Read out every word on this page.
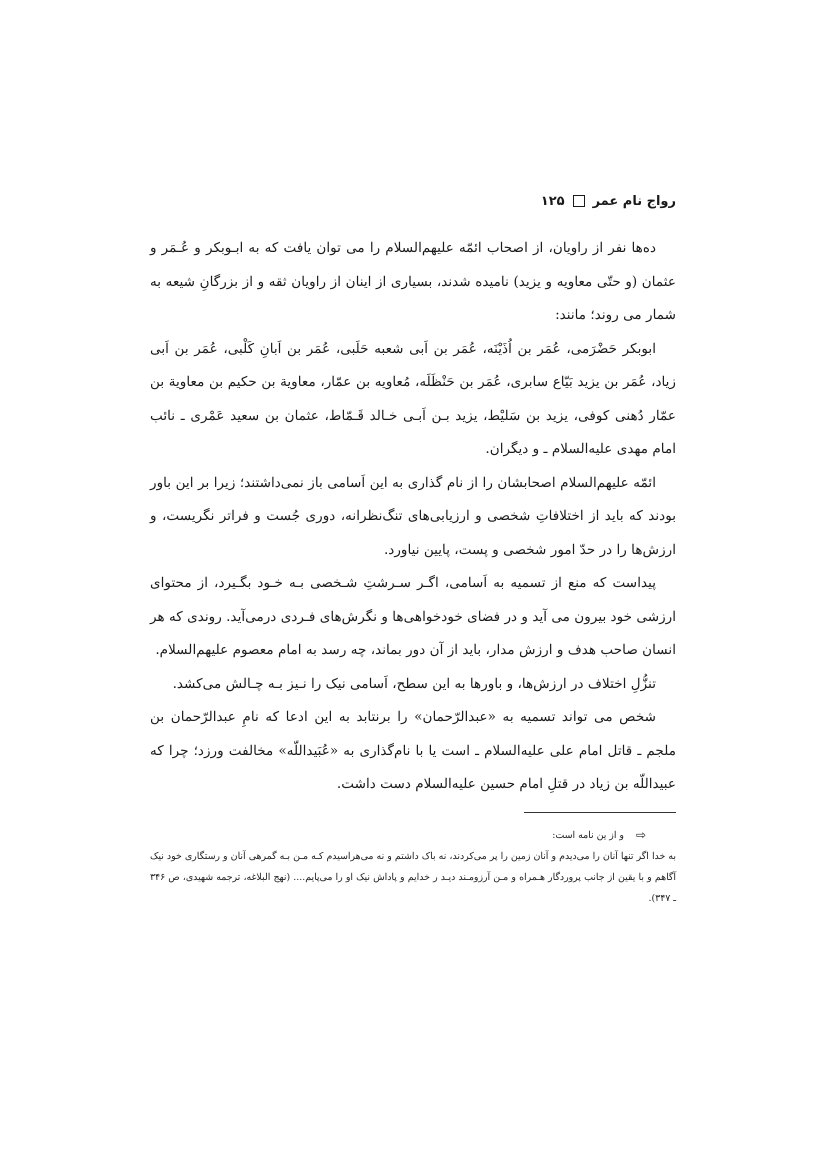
رواج نام عمر
۱۲۵

ده‌ها نفر از راویان، از اصحاب ائمّه علیهم‌السلام را می توان یافت که به ابـوبکر و عُـمَر و عثمان (و حتّی معاویه و یزید) نامیده شدند، بسیاری از اینان از راویان ثقه و از بزرگانِ شیعه به شمار می روند؛ مانند:

ابوبکر حَضْرَمی، عُمَر بن اُذَیْنَه، عُمَر بن اَبی شعبه حَلَبی، عُمَر بن اَبانِ کَلْبی، عُمَر بن اَبی زیاد، عُمَر بن یزید بَیّاع سابری، عُمَر بن حَنْظَلَه، مُعاویه بن عمّار، معاویة بن حکیم بن معاویة بن عمّار دُهنی کوفی، یزید بن سَلیْط، یزید بـن اَبـی خـالد قَـمّاط، عثمان بن سعید عَمْری ـ نائب امام مهدی علیه‌السلام ـ و دیگران.

ائمّه علیهم‌السلام اصحابشان را از نام گذاری به این اَسامی باز نمی‌داشتند؛ زیرا بر این باور بودند که باید از اختلافاتِ شخصی و ارزیابی‌های تنگ‌نظرانه، دوری جُست و فراتر نگریست، و ارزش‌ها را در حدّ امور شخصی و پست، پایین نیاورد.

پیداست که منع از تسمیه به اَسامی، اگـر سـرشتِ شـخصی بـه خـود بگـیرد، از محتوای ارزشی خود بیرون می آید و در فضای خودخواهی‌ها و نگرش‌های فـردی درمی‌آید. روندی که هر انسان صاحب هدف و ارزش مدار، باید از آن دور بماند، چه رسد به امام معصوم علیهم‌السلام.

تنزُّلِ اختلاف در ارزش‌ها، و باورها به این سطح، اَسامی نیک را نـیز بـه چـالش می‌کشد.

شخص می تواند تسمیه به «عبدالرّحمان» را برنتابد به این ادعا که نامِ عبدالرّحمان بن ملجم ـ قاتل امام علی علیه‌السلام ـ است یا با نام‌گذاری به «عُبَیداللّه» مخالفت ورزد؛ چرا که عبیداللّه بن زیاد در قتلِ امام حسین علیه‌السلام دست داشت.

⇨
و از ین نامه است:
به خدا اگر تنها آنان را می‌دیدم و آنان زمین را پر می‌کردند، نه باک داشتم و نه می‌هراسیدم کـه مـن بـه گمرهی آنان و رستگاری خود نیک آگاهم و با یقین از جانب پروردگار هـمراه و مـن آرزومـند دیـد ر خدایم و پاداش نیک او را می‌پایم.... (نهج البلاغه، ترجمه شهیدی، ص ۳۴۶ ـ ۳۴۷).
